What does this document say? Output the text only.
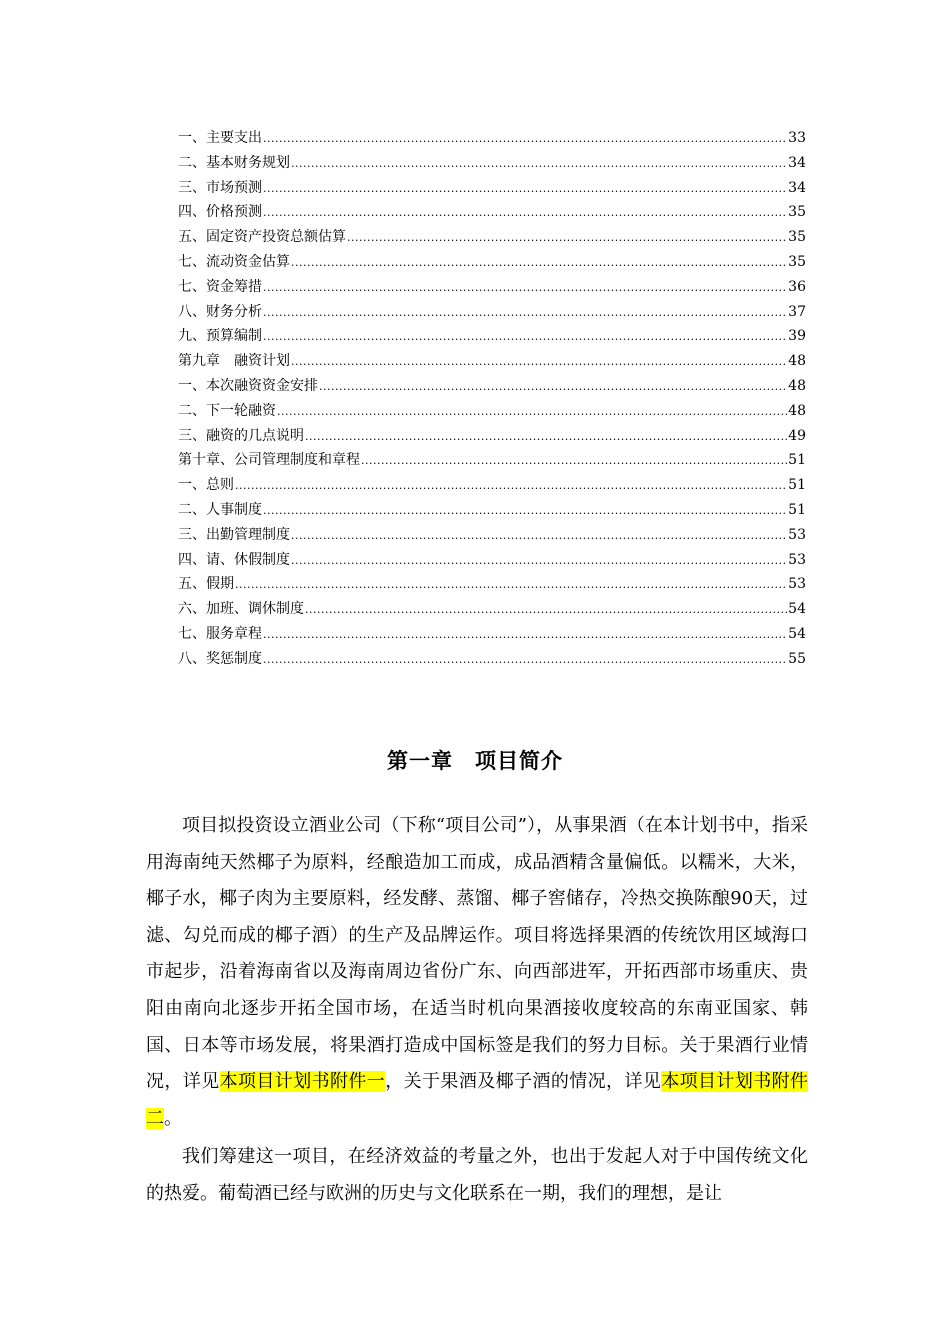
一、主要支出 .....	33
二、基本财务规划 .....	34
三、市场预测 .....	34
四、价格预测 .....	35
五、固定资产投资总额估算 .....	35
七、流动资金估算 .....	35
七、资金筹措 .....	36
八、财务分析 .....	37
九、预算编制 .....	39
第九章　融资计划 .....	48
一、本次融资资金安排 .....	48
二、下一轮融资 .....	48
三、融资的几点说明 .....	49
第十章、公司管理制度和章程 .....	51
一、总则 .....	51
二、人事制度 .....	51
三、出勤管理制度 .....	53
四、请、休假制度 .....	53
五、假期 .....	53
六、加班、调休制度 .....	54
七、服务章程 .....	54
八、奖惩制度 .....	55
第一章　项目简介

项目拟投资设立酒业公司（下称“项目公司”），从事果酒（在本计划书中，指采用海南纯天然椰子为原料，经酿造加工而成，成品酒精含量偏低。以糯米，大米，椰子水，椰子肉为主要原料，经发酵、蒸馏、椰子窖储存，冷热交换陈酿90天，过滤、勾兑而成的椰子酒）的生产及品牌运作。项目将选择果酒的传统饮用区域海口市起步，沿着海南省以及海南周边省份广东、向西部进军，开拓西部市场重庆、贵阳由南向北逐步开拓全国市场，在适当时机向果酒接收度较高的东南亚国家、韩国、日本等市场发展，将果酒打造成中国标签是我们的努力目标。关于果酒行业情况，详见本项目计划书附件一，关于果酒及椰子酒的情况，详见本项目计划书附件二。

我们筹建这一项目，在经济效益的考量之外，也出于发起人对于中国传统文化的热爱。葡萄酒已经与欧洲的历史与文化联系在一期，我们的理想，是让
